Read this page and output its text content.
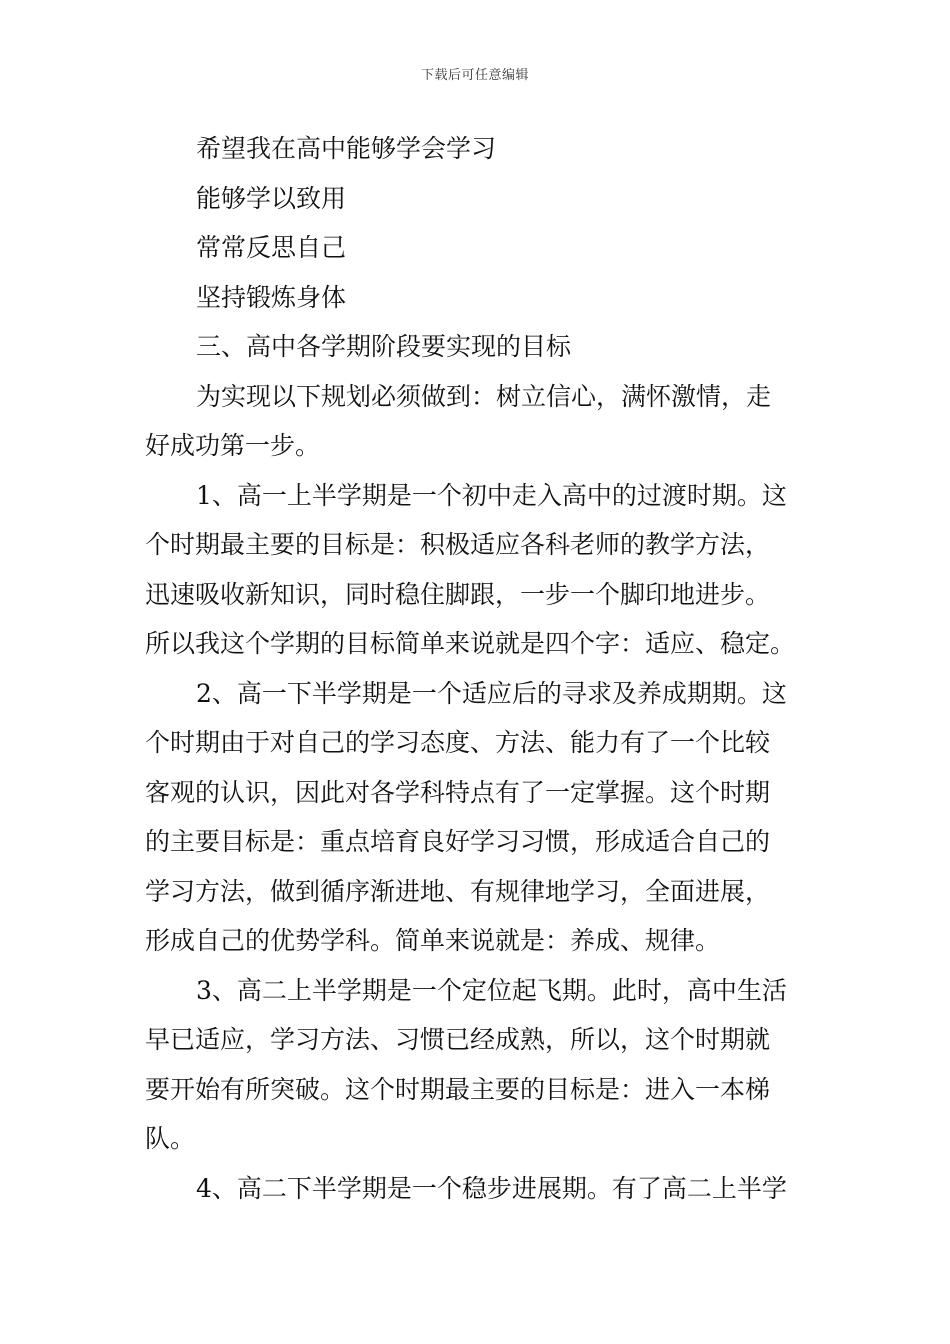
下载后可任意编辑

希望我在高中能够学会学习

能够学以致用

常常反思自己

坚持锻炼身体

三、高中各学期阶段要实现的目标

为实现以下规划必须做到：树立信心，满怀激情，走
好成功第一步。
1、高一上半学期是一个初中走入高中的过渡时期。这
个时期最主要的目标是：积极适应各科老师的教学方法，
迅速吸收新知识，同时稳住脚跟，一步一个脚印地进步。
所以我这个学期的目标简单来说就是四个字：适应、稳定。
2、高一下半学期是一个适应后的寻求及养成期期。这
个时期由于对自己的学习态度、方法、能力有了一个比较
客观的认识，因此对各学科特点有了一定掌握。这个时期
的主要目标是：重点培育良好学习习惯，形成适合自己的
学习方法，做到循序渐进地、有规律地学习，全面进展，
形成自己的优势学科。简单来说就是：养成、规律。
3、高二上半学期是一个定位起飞期。此时，高中生活
早已适应，学习方法、习惯已经成熟，所以，这个时期就
要开始有所突破。这个时期最主要的目标是：进入一本梯
队。
4、高二下半学期是一个稳步进展期。有了高二上半学
